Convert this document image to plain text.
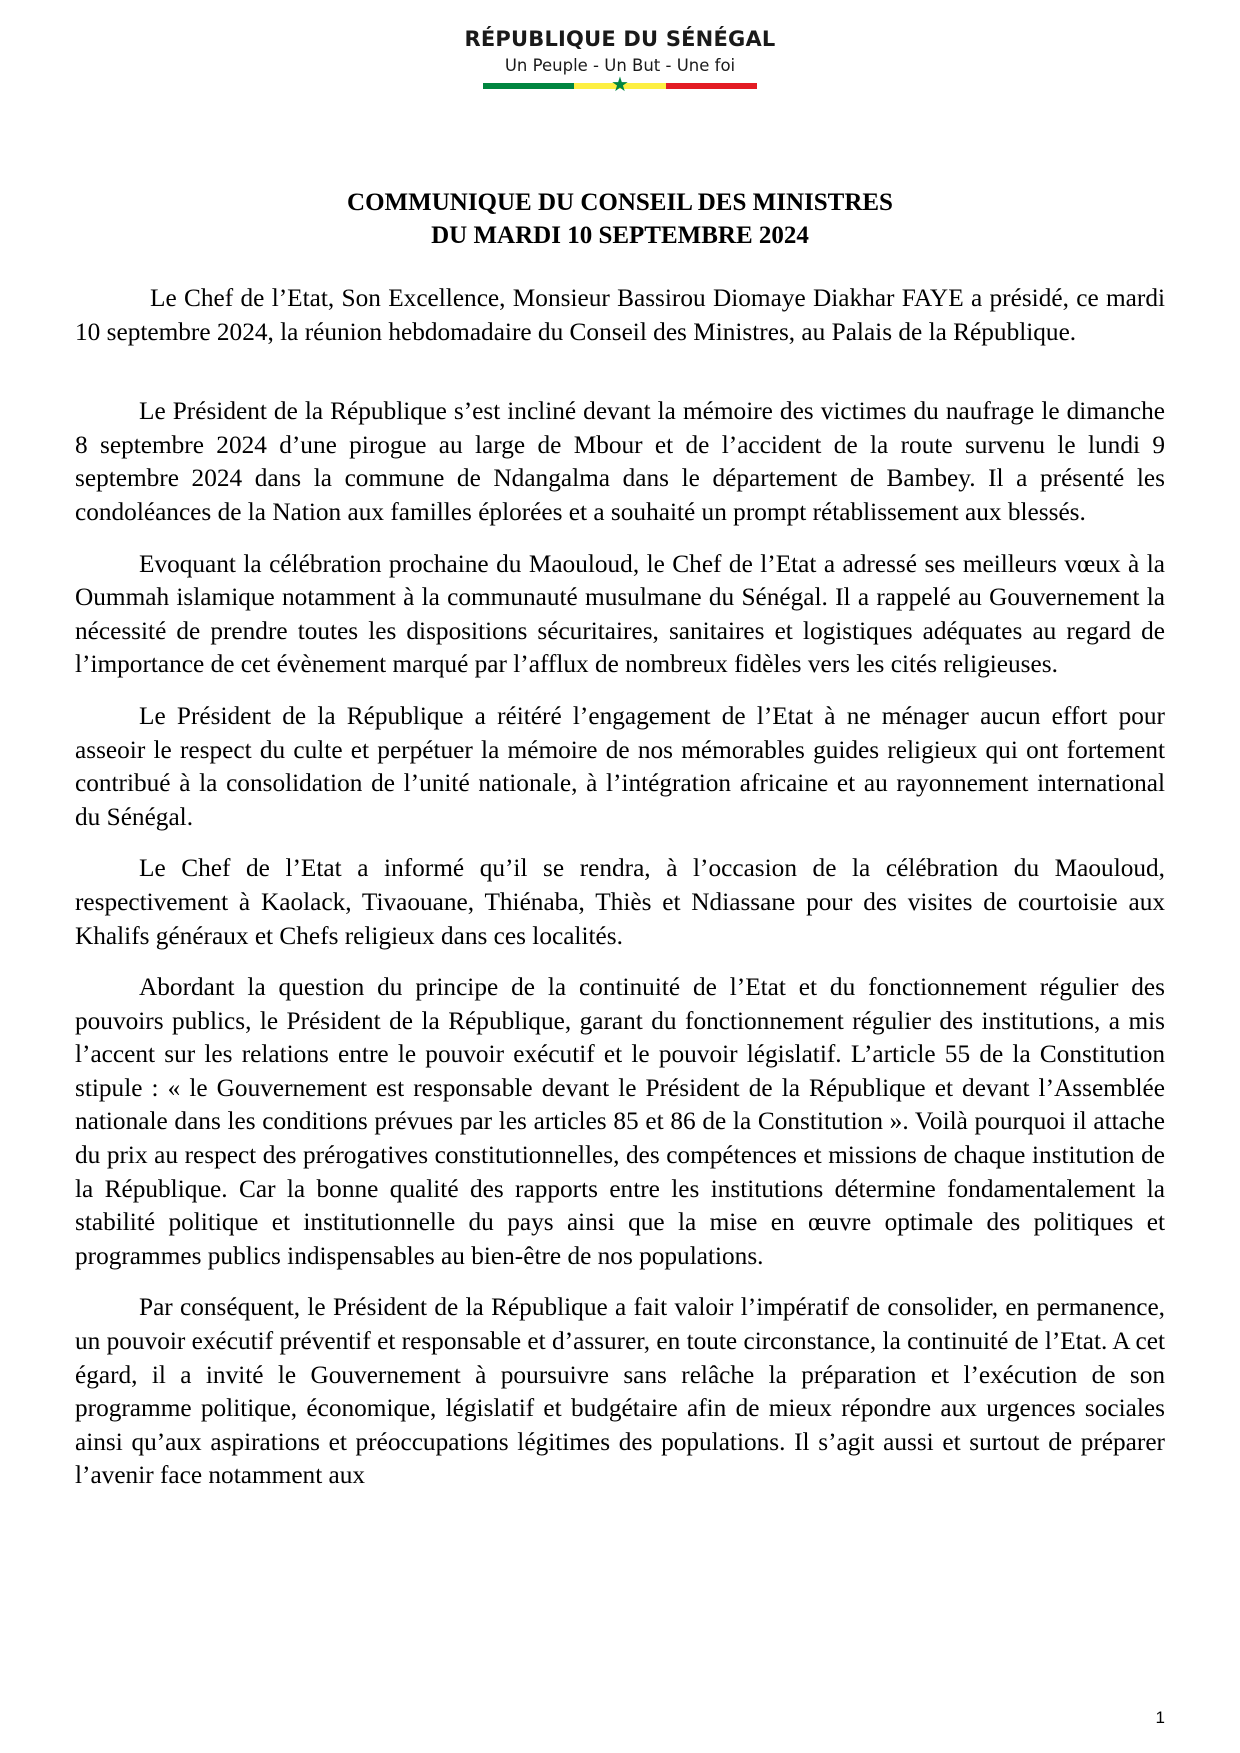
RÉPUBLIQUE DU SÉNÉGAL
Un Peuple - Un But - Une foi
★
COMMUNIQUE DU CONSEIL DES MINISTRES
DU MARDI 10 SEPTEMBRE 2024

Le Chef de l’Etat, Son Excellence, Monsieur Bassirou Diomaye Diakhar FAYE a présidé, ce mardi 10 septembre 2024, la réunion hebdomadaire du Conseil des Ministres, au Palais de la République.

Le Président de la République s’est incliné devant la mémoire des victimes du naufrage le dimanche 8 septembre 2024 d’une pirogue au large de Mbour et de l’accident de la route survenu le lundi 9 septembre 2024 dans la commune de Ndangalma dans le département de Bambey. Il a présenté les condoléances de la Nation aux familles éplorées et a souhaité un prompt rétablissement aux blessés.

Evoquant la célébration prochaine du Maouloud, le Chef de l’Etat a adressé ses meilleurs vœux à la Oummah islamique notamment à la communauté musulmane du Sénégal. Il a rappelé au Gouvernement la nécessité de prendre toutes les dispositions sécuritaires, sanitaires et logistiques adéquates au regard de l’importance de cet évènement marqué par l’afflux de nombreux fidèles vers les cités religieuses.

Le Président de la République a réitéré l’engagement de l’Etat à ne ménager aucun effort pour asseoir le respect du culte et perpétuer la mémoire de nos mémorables guides religieux qui ont fortement contribué à la consolidation de l’unité nationale, à l’intégration africaine et au rayonnement international du Sénégal.

Le Chef de l’Etat a informé qu’il se rendra, à l’occasion de la célébration du Maouloud, respectivement à Kaolack, Tivaouane, Thiénaba, Thiès et Ndiassane pour des visites de courtoisie aux Khalifs généraux et Chefs religieux dans ces localités.

Abordant la question du principe de la continuité de l’Etat et du fonctionnement régulier des pouvoirs publics, le Président de la République, garant du fonctionnement régulier des institutions, a mis l’accent sur les relations entre le pouvoir exécutif et le pouvoir législatif. L’article 55 de la Constitution stipule : « le Gouvernement est responsable devant le Président de la République et devant l’Assemblée nationale dans les conditions prévues par les articles 85 et 86 de la Constitution ». Voilà pourquoi il attache du prix au respect des prérogatives constitutionnelles, des compétences et missions de chaque institution de la République. Car la bonne qualité des rapports entre les institutions détermine fondamentalement la stabilité politique et institutionnelle du pays ainsi que la mise en œuvre optimale des politiques et programmes publics indispensables au bien-être de nos populations.

Par conséquent, le Président de la République a fait valoir l’impératif de consolider, en permanence, un pouvoir exécutif préventif et responsable et d’assurer, en toute circonstance, la continuité de l’Etat. A cet égard, il a invité le Gouvernement à poursuivre sans relâche la préparation et l’exécution de son programme politique, économique, législatif et budgétaire afin de mieux répondre aux urgences sociales ainsi qu’aux aspirations et préoccupations légitimes des populations. Il s’agit aussi et surtout de préparer l’avenir face notamment aux

1
